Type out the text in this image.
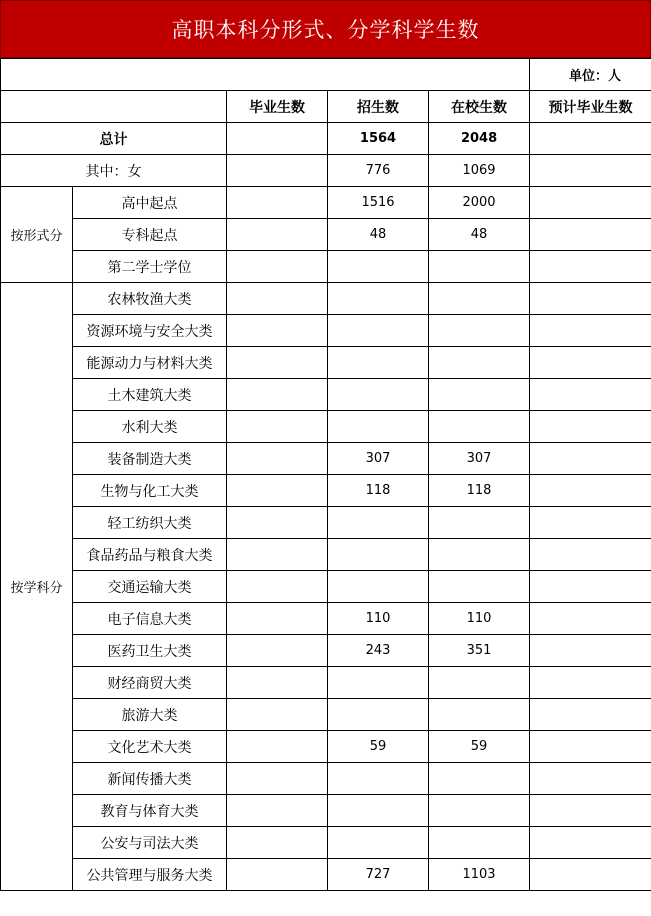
高职本科分形式、分学科学生数
					单位：人
		毕业生数	招生数	在校生数	预计毕业生数
总计			1564	2048	
其中：女			776	1069	
按形式分	高中起点		1516	2000	
	专科起点		48	48	
	第二学士学位				
按学科分	农林牧渔大类				
	资源环境与安全大类				
	能源动力与材料大类				
	土木建筑大类				
	水利大类				
	装备制造大类		307	307	
	生物与化工大类		118	118	
	轻工纺织大类				
	食品药品与粮食大类				
	交通运输大类				
	电子信息大类		110	110	
	医药卫生大类		243	351	
	财经商贸大类				
	旅游大类				
	文化艺术大类		59	59	
	新闻传播大类				
	教育与体育大类				
	公安与司法大类				
	公共管理与服务大类		727	1103	
